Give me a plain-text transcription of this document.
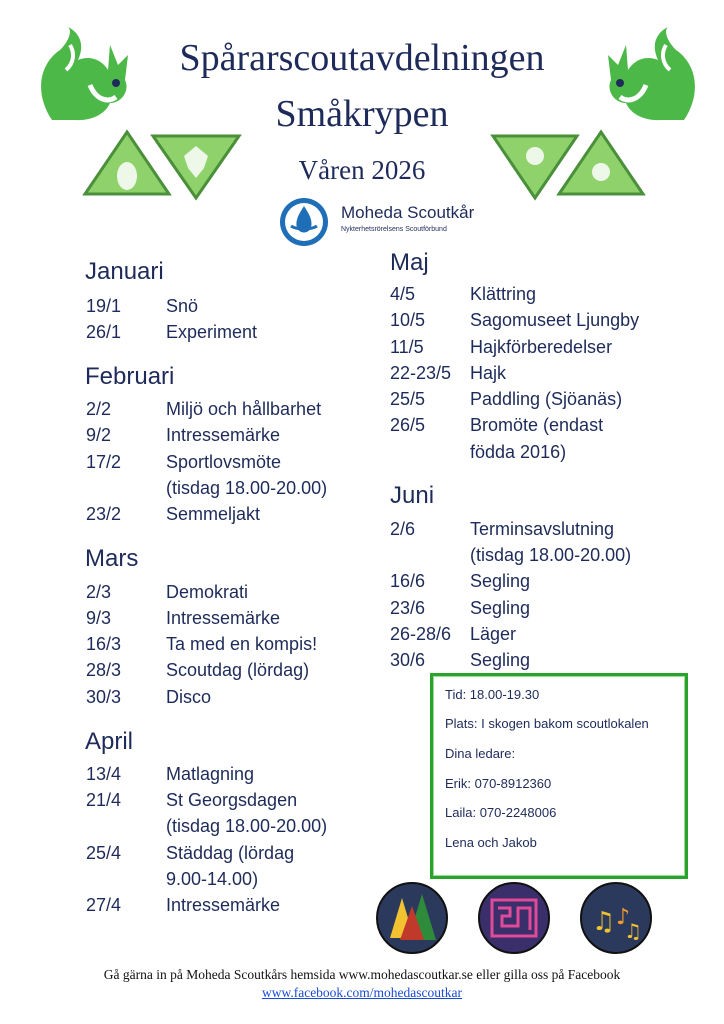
Spårarscoutavdelningen
Småkrypen
Våren 2026
Moheda Scoutkår
Nykterhetsrörelsens Scoutförbund
Januari
19/1 Snö
26/1 Experiment
Februari
2/2	Miljö och hållbarhet
9/2	Intressemärke
17/2 Sportlovsmöte
(tisdag 18.00-20.00)
23/2 Semmeljakt
Mars
2/3	Demokrati
9/3	Intressemärke
16/3 Ta med en kompis!
28/3 Scoutdag (lördag)
30/3 Disco
April
13/4 Matlagning
21/4 St Georgsdagen
(tisdag 18.00-20.00)
25/4 Städdag (lördag
9.00-14.00)
27/4 Intressemärke
Maj
4/5	Klättring
10/5 Sagomuseet Ljungby
11/5	Hajkförberedelser
22-23/5 Hajk
25/5 Paddling (Sjöanäs)
26/5 Bromöte (endast
födda 2016)
Juni
2/6	Terminsavslutning
(tisdag 18.00-20.00)
16/6 Segling
23/6 Segling
26-28/6 Läger
30/6 Segling
Tid: 18.00-19.30
Plats: I skogen bakom scoutlokalen
Dina ledare:
Erik: 070-8912360
Laila: 070-2248006
Lena och Jakob
♫ ♪
♫
Gå gärna in på Moheda Scoutkårs hemsida www.mohedascoutkar.se eller gilla oss på Facebook
www.facebook.com/mohedascoutkar
